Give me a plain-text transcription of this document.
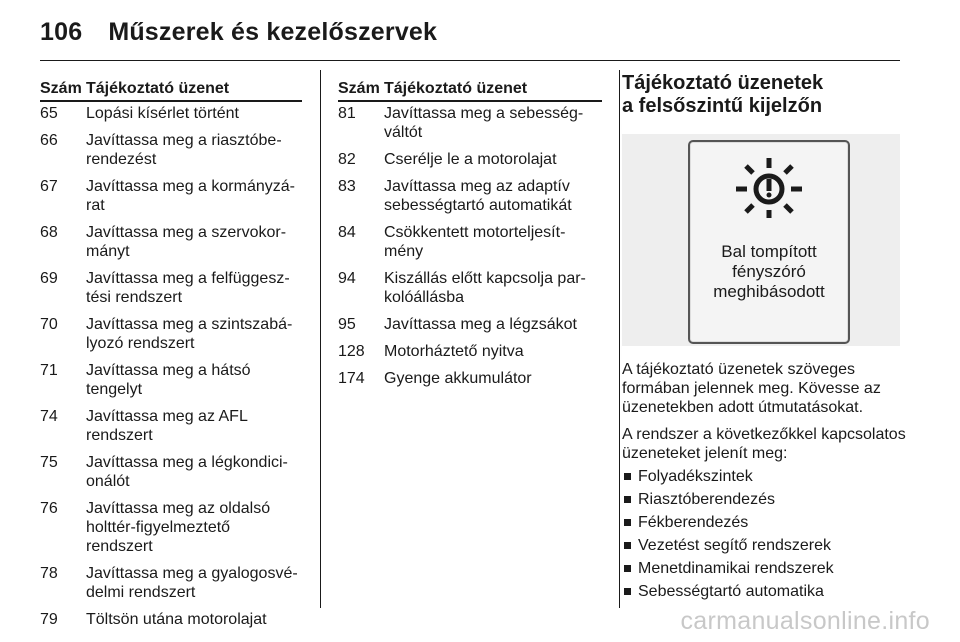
106 Műszerek és kezelőszervek
Szám	Tájékoztató üzenet
65	Lopási kísérlet történt

66	Javíttassa meg a riasztóbe-
rendezést

67	Javíttassa meg a kormányzá-
rat

68	Javíttassa meg a szervokor-
mányt

69	Javíttassa meg a felfüggesz-
tési rendszert

70	Javíttassa meg a szintszabá-
lyozó rendszert

71	Javíttassa meg a hátsó
tengelyt

74	Javíttassa meg az AFL
rendszert

75	Javíttassa meg a légkondici-
onálót

76	Javíttassa meg az oldalsó
holttér-figyelmeztető
rendszert

78	Javíttassa meg a gyalogosvé-
delmi rendszert

79	Töltsön utána motorolajat
Szám	Tájékoztató üzenet
81	Javíttassa meg a sebesség-
váltót

82	Cserélje le a motorolajat

83	Javíttassa meg az adaptív
sebességtartó automatikát

84	Csökkentett motorteljesít-
mény

94	Kiszállás előtt kapcsolja par-
kolóállásba

95	Javíttassa meg a légzsákot

128	Motorháztető nyitva

174	Gyenge akkumulátor
Tájékoztató üzenetek
a felsőszintű kijelzőn
Bal tompított
fényszóró
meghibásodott

A tájékoztató üzenetek szöveges formában jelennek meg. Kövesse az üzenetekben adott útmutatásokat.

A rendszer a következőkkel kapcsolatos üzeneteket jelenít meg:

Folyadékszintek
Riasztóberendezés
Fékberendezés
Vezetést segítő rendszerek
Menetdinamikai rendszerek
Sebességtartó automatika
carmanualsonline.info
